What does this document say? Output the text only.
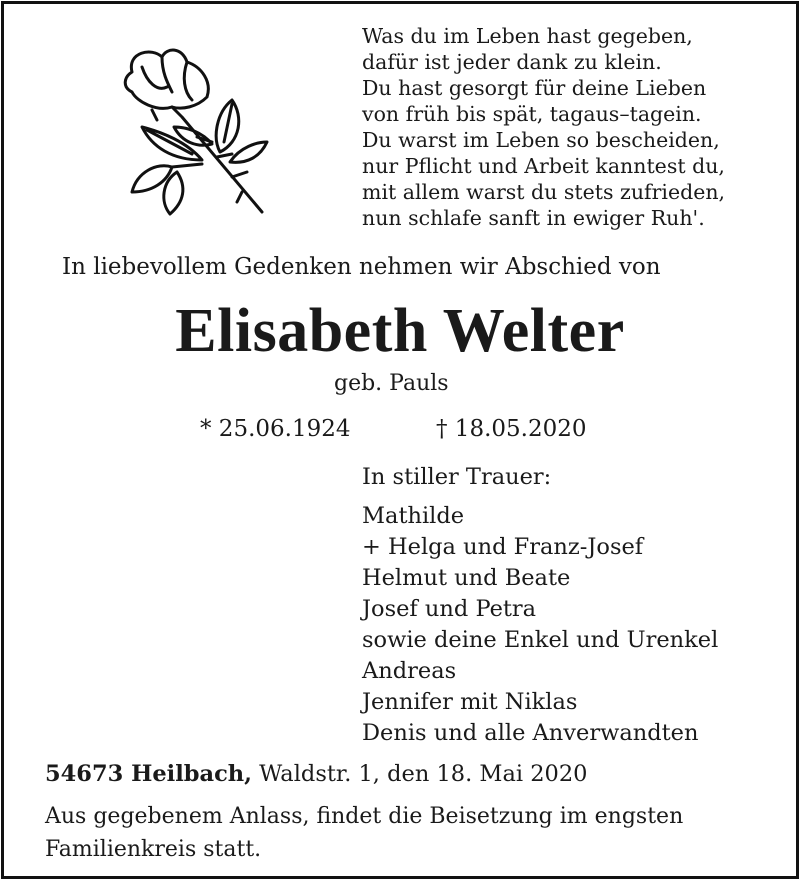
Was du im Leben hast gegeben,
dafür ist jeder dank zu klein.
Du hast gesorgt für deine Lieben
von früh bis spät, tagaus–tagein.
Du warst im Leben so bescheiden,
nur Pflicht und Arbeit kanntest du,
mit allem warst du stets zufrieden,
nun schlafe sanft in ewiger Ruh'.
In liebevollem Gedenken nehmen wir Abschied von
Elisabeth Welter
geb. Pauls
* 25.06.1924	† 18.05.2020
In stiller Trauer:
Mathilde
+ Helga und Franz-Josef
Helmut und Beate
Josef und Petra
sowie deine Enkel und Urenkel
Andreas
Jennifer mit Niklas
Denis und alle Anverwandten
54673 Heilbach, Waldstr. 1, den 18. Mai 2020
Aus gegebenem Anlass, findet die Beisetzung im engsten Familienkreis statt.
